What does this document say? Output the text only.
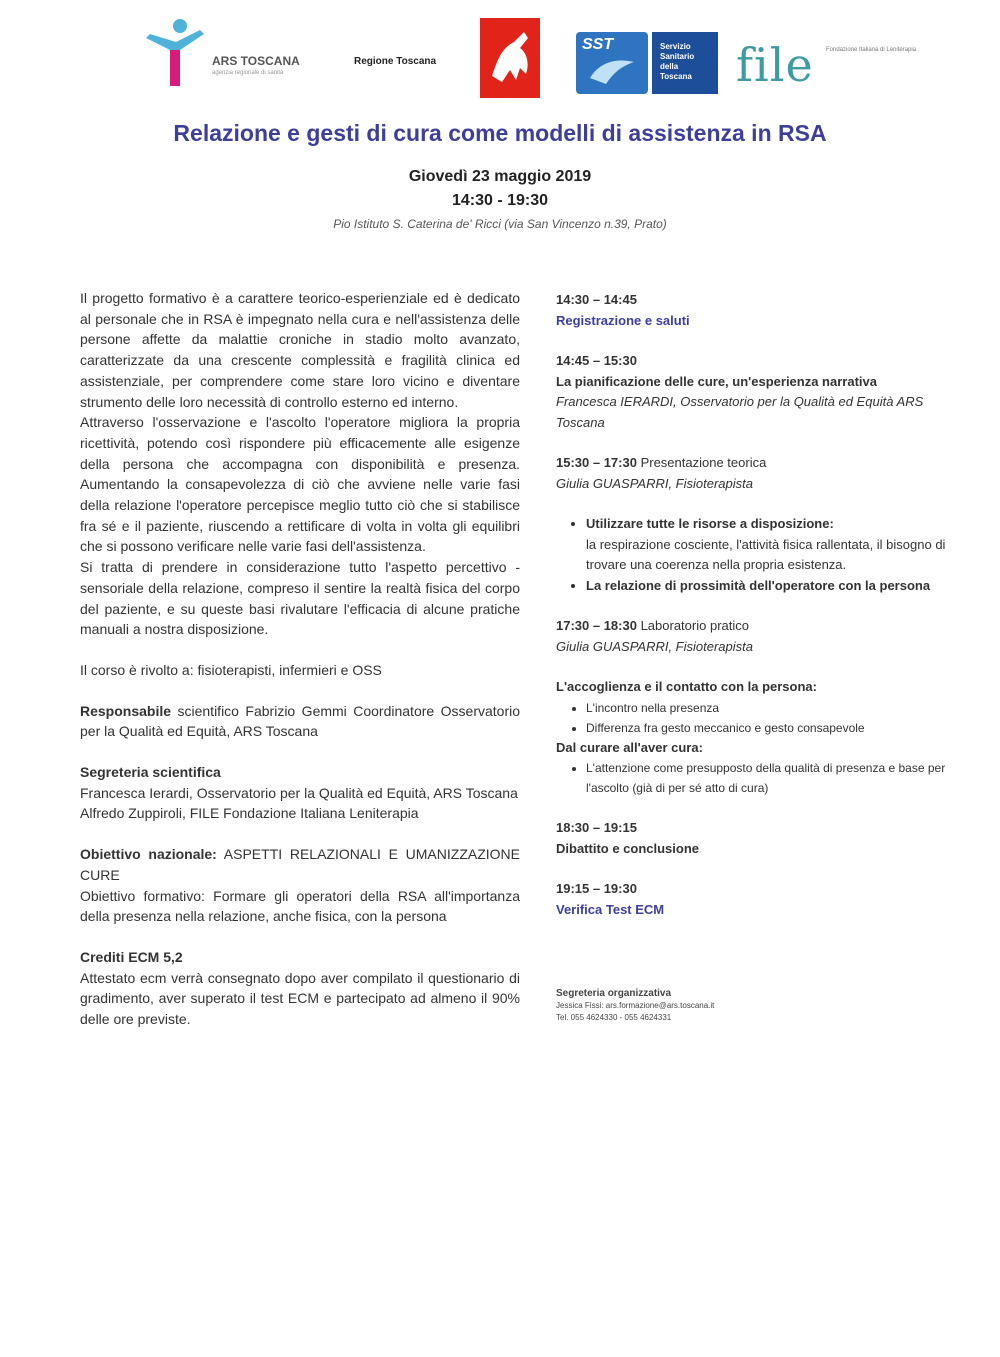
ARS TOSCANA
agenzia regionale di sanità
Regione Toscana
SST	Servizio Sanitario della Toscana file Fondazione Italiana di Leniterapia
Relazione e gesti di cura come modelli di assistenza in RSA
Giovedì 23 maggio 2019
14:30 - 19:30
Pio Istituto S. Caterina de' Ricci (via San Vincenzo n.39, Prato)

Il progetto formativo è a carattere teorico-esperienziale ed è dedicato al personale che in RSA è impegnato nella cura e nell'assistenza delle persone affette da malattie croniche in stadio molto avanzato, caratterizzate da una crescente complessità e fragilità clinica ed assistenziale, per comprendere come stare loro vicino e diventare strumento delle loro necessità di controllo esterno ed interno.

Attraverso l'osservazione e l'ascolto l'operatore migliora la propria ricettività, potendo così rispondere più efficacemente alle esigenze della persona che accompagna con disponibilità e presenza. Aumentando la consapevolezza di ciò che avviene nelle varie fasi della relazione l'operatore percepisce meglio tutto ciò che si stabilisce fra sé e il paziente, riuscendo a rettificare di volta in volta gli equilibri che si possono verificare nelle varie fasi dell'assistenza.

Si tratta di prendere in considerazione tutto l'aspetto percettivo - sensoriale della relazione, compreso il sentire la realtà fisica del corpo del paziente, e su queste basi rivalutare l'efficacia di alcune pratiche manuali a nostra disposizione.

Il corso è rivolto a: fisioterapisti, infermieri e OSS

Responsabile scientifico Fabrizio Gemmi Coordinatore Osservatorio per la Qualità ed Equità, ARS Toscana

Segreteria scientifica

Francesca Ierardi, Osservatorio per la Qualità ed Equità, ARS Toscana

Alfredo Zuppiroli, FILE Fondazione Italiana Leniterapia

Obiettivo nazionale: ASPETTI RELAZIONALI E UMANIZZAZIONE CURE

Obiettivo formativo: Formare gli operatori della RSA all'importanza della presenza nella relazione, anche fisica, con la persona

Crediti ECM 5,2

Attestato ecm verrà consegnato dopo aver compilato il questionario di gradimento, aver superato il test ECM e partecipato ad almeno il 90% delle ore previste.

14:30 – 14:45

Registrazione e saluti

14:45 – 15:30

La pianificazione delle cure, un'esperienza narrativa

Francesca IERARDI, Osservatorio per la Qualità ed Equità ARS Toscana

15:30 – 17:30 Presentazione teorica

Giulia GUASPARRI, Fisioterapista

• Utilizzare tutte le risorse a disposizione:
la respirazione cosciente, l'attività fisica rallentata, il bisogno di trovare una coerenza nella propria esistenza.
• La relazione di prossimità dell'operatore con la persona

17:30 – 18:30 Laboratorio pratico

Giulia GUASPARRI, Fisioterapista

L'accoglienza e il contatto con la persona:

• L'incontro nella presenza
• Differenza fra gesto meccanico e gesto consapevole

Dal curare all'aver cura:

• L'attenzione come presupposto della qualità di presenza e base per l'ascolto (già di per sé atto di cura)

18:30 – 19:15

Dibattito e conclusione

19:15 – 19:30

Verifica Test ECM

Segreteria organizzativa

Jessica Fissi: ars.formazione@ars.toscana.it

Tel. 055 4624330 - 055 4624331
